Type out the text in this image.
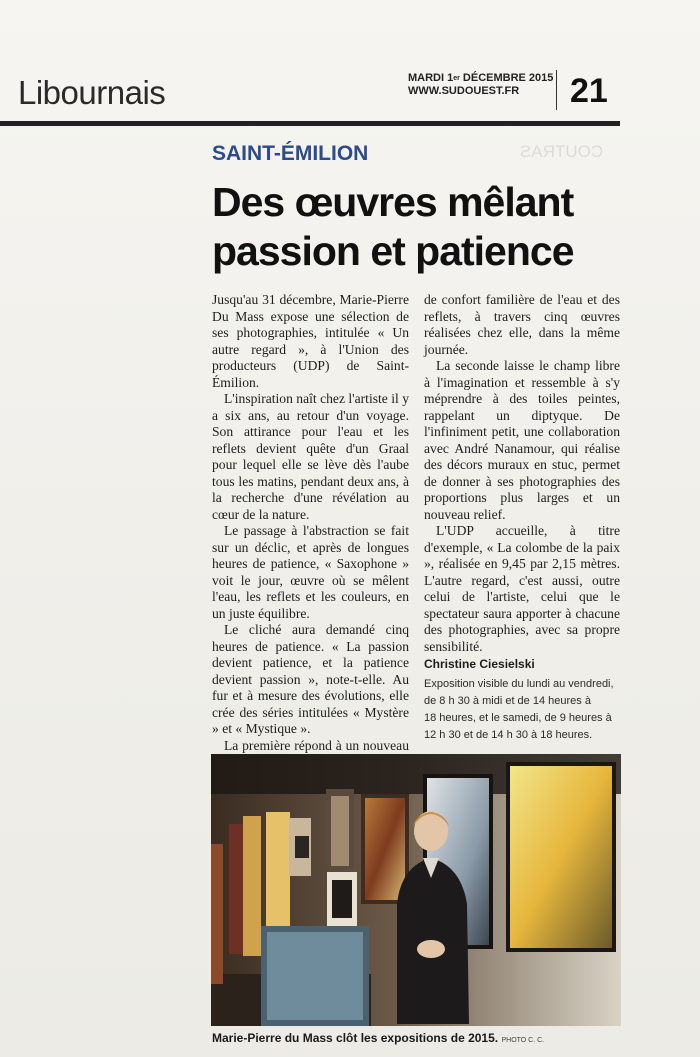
COUTRAS
Libournais	MARDI 1er DÉCEMBRE 2015
WWW.SUDOUEST.FR	21
SAINT-ÉMILION
Des œuvres mêlant
passion et patience

Jusqu'au 31 décembre, Marie-Pierre Du Mass expose une sélection de ses photographies, intitulée « Un autre regard », à l'Union des producteurs (UDP) de Saint-Émilion.

L'inspiration naît chez l'artiste il y a six ans, au retour d'un voyage. Son attirance pour l'eau et les reflets devient quête d'un Graal pour lequel elle se lève dès l'aube tous les matins, pendant deux ans, à la recherche d'une révélation au cœur de la nature.

Le passage à l'abstraction se fait sur un déclic, et après de longues heures de patience, « Saxophone » voit le jour, œuvre où se mêlent l'eau, les reflets et les couleurs, en un juste équilibre.

Le cliché aura demandé cinq heures de patience. « La passion devient patience, et la patience devient passion », note-t-elle. Au fur et à mesure des évolutions, elle crée des séries intitulées « Mystère » et « Mystique ».

La première répond à un nouveau

de confort familière de l'eau et des reflets, à travers cinq œuvres réalisées chez elle, dans la même journée.

La seconde laisse le champ libre à l'imagination et ressemble à s'y méprendre à des toiles peintes, rappelant un diptyque. De l'infiniment petit, une collaboration avec André Nanamour, qui réalise des décors muraux en stuc, permet de donner à ses photographies des proportions plus larges et un nouveau relief.

L'UDP accueille, à titre d'exemple, « La colombe de la paix », réalisée en 9,45 par 2,15 mètres. L'autre regard, c'est aussi, outre celui de l'artiste, celui que le spectateur saura apporter à chacune des photographies, avec sa propre sensibilité.

Christine Ciesielski
Exposition visible du lundi au vendredi,
de 8 h 30 à midi et de 14 heures à
18 heures, et le samedi, de 9 heures à
12 h 30 et de 14 h 30 à 18 heures.
Marie-Pierre du Mass clôt les expositions de 2015. PHOTO C. C.
